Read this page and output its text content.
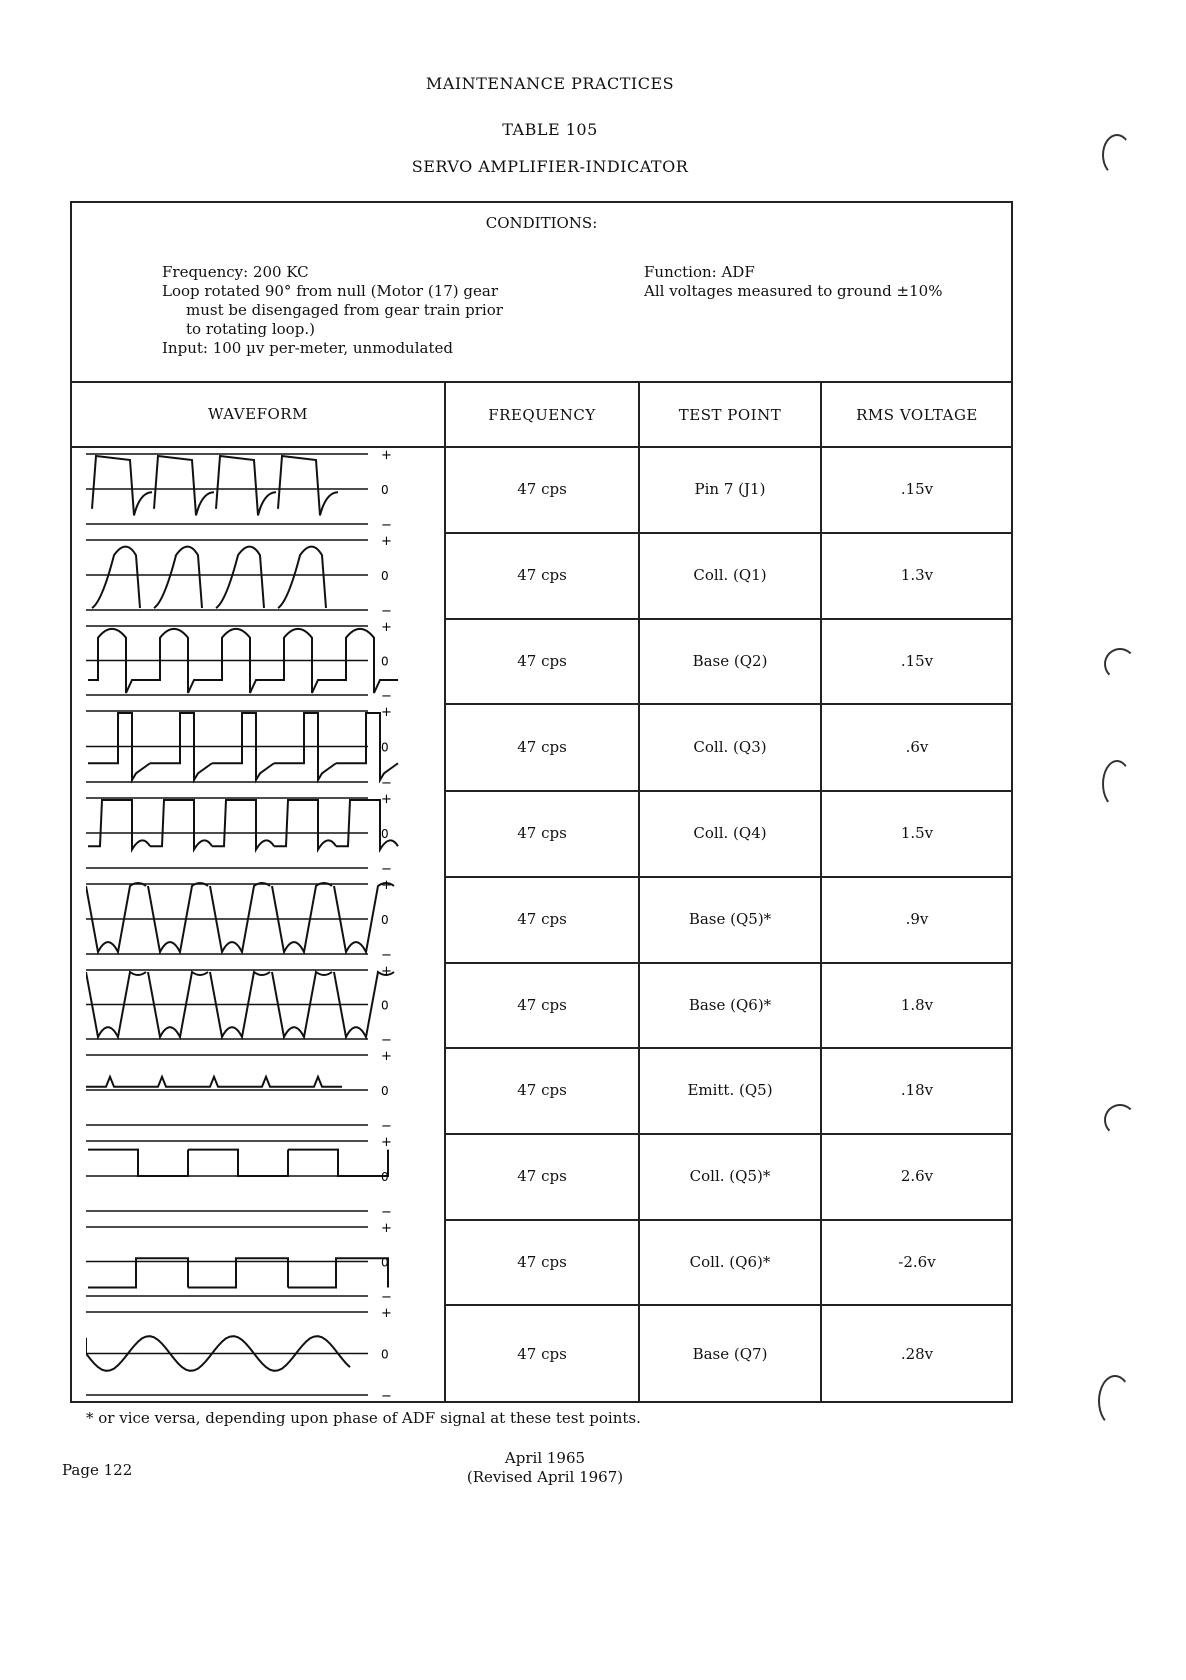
MAINTENANCE PRACTICES
TABLE 105
SERVO AMPLIFIER-INDICATOR
CONDITIONS:
Frequency: 200 KC
Loop rotated 90° from null (Motor (17) gear
must be disengaged from gear train prior
to rotating loop.)
Input: 100 µv per-meter, unmodulated
Function: ADF
All voltages measured to ground ±10%
WAVEFORM	FREQUENCY	TEST POINT	RMS VOLTAGE
47 cps	Pin 7 (J1)	.15v
47 cps	Coll. (Q1)	1.3v
47 cps	Base (Q2)	.15v
47 cps	Coll. (Q3)	.6v
47 cps	Coll. (Q4)	1.5v
47 cps	Base (Q5)*	.9v
47 cps	Base (Q6)*	1.8v
47 cps	Emitt. (Q5)	.18v
47 cps	Coll. (Q5)*	2.6v
47 cps	Coll. (Q6)*	-2.6v
47 cps	Base (Q7)	.28v
+
0
−
+
0
−
+
0
−
+
0
−
+
0
−
+
0
−
+
0
−
+
0
−
+
0
−
+
0
−
+
0
−
* or vice versa, depending upon phase of ADF signal at these test points.
Page 122
April 1965
(Revised April 1967)
